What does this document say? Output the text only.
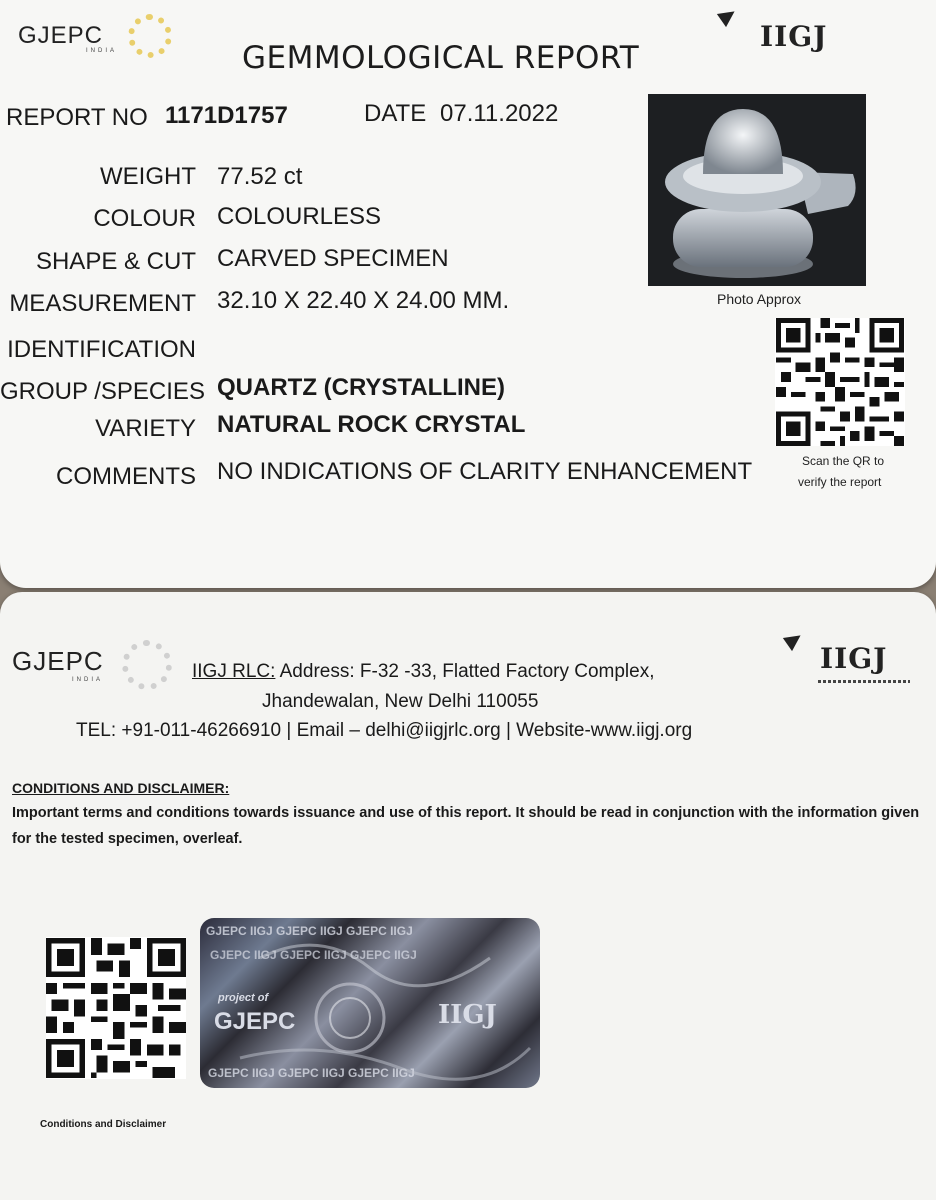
GJEPC
INDIA	IIGJ
GEMMOLOGICAL REPORT
REPORT NO 1171D1757	DATE 07.11.2022
WEIGHT 77.52 ct
COLOUR COLOURLESS
SHAPE & CUT CARVED SPECIMEN
MEASUREMENT 32.10 X 22.40 X 24.00 MM.
IDENTIFICATION
GROUP /SPECIES QUARTZ (CRYSTALLINE)
VARIETY NATURAL ROCK CRYSTAL
COMMENTS NO INDICATIONS OF CLARITY ENHANCEMENT
Photo Approx
Scan the QR to
verify the report
GJEPC
INDIA
IIGJ
IIGJ RLC: Address: F-32 -33, Flatted Factory Complex,
Jhandewalan, New Delhi 110055
TEL: +91-011-46266910 | Email – delhi@iigjrlc.org | Website-www.iigj.org
CONDITIONS AND DISCLAIMER:
Important terms and conditions towards issuance and use of this report. It should be read in conjunction with the information given for the tested specimen, overleaf.
Conditions and Disclaimer
GJEPC IIGJ GJEPC IIGJ GJEPC IIGJ
GJEPC IIGJ GJEPC IIGJ GJEPC IIGJ
project of
GJEPC	IIGJ
GJEPC IIGJ GJEPC IIGJ GJEPC IIGJ
